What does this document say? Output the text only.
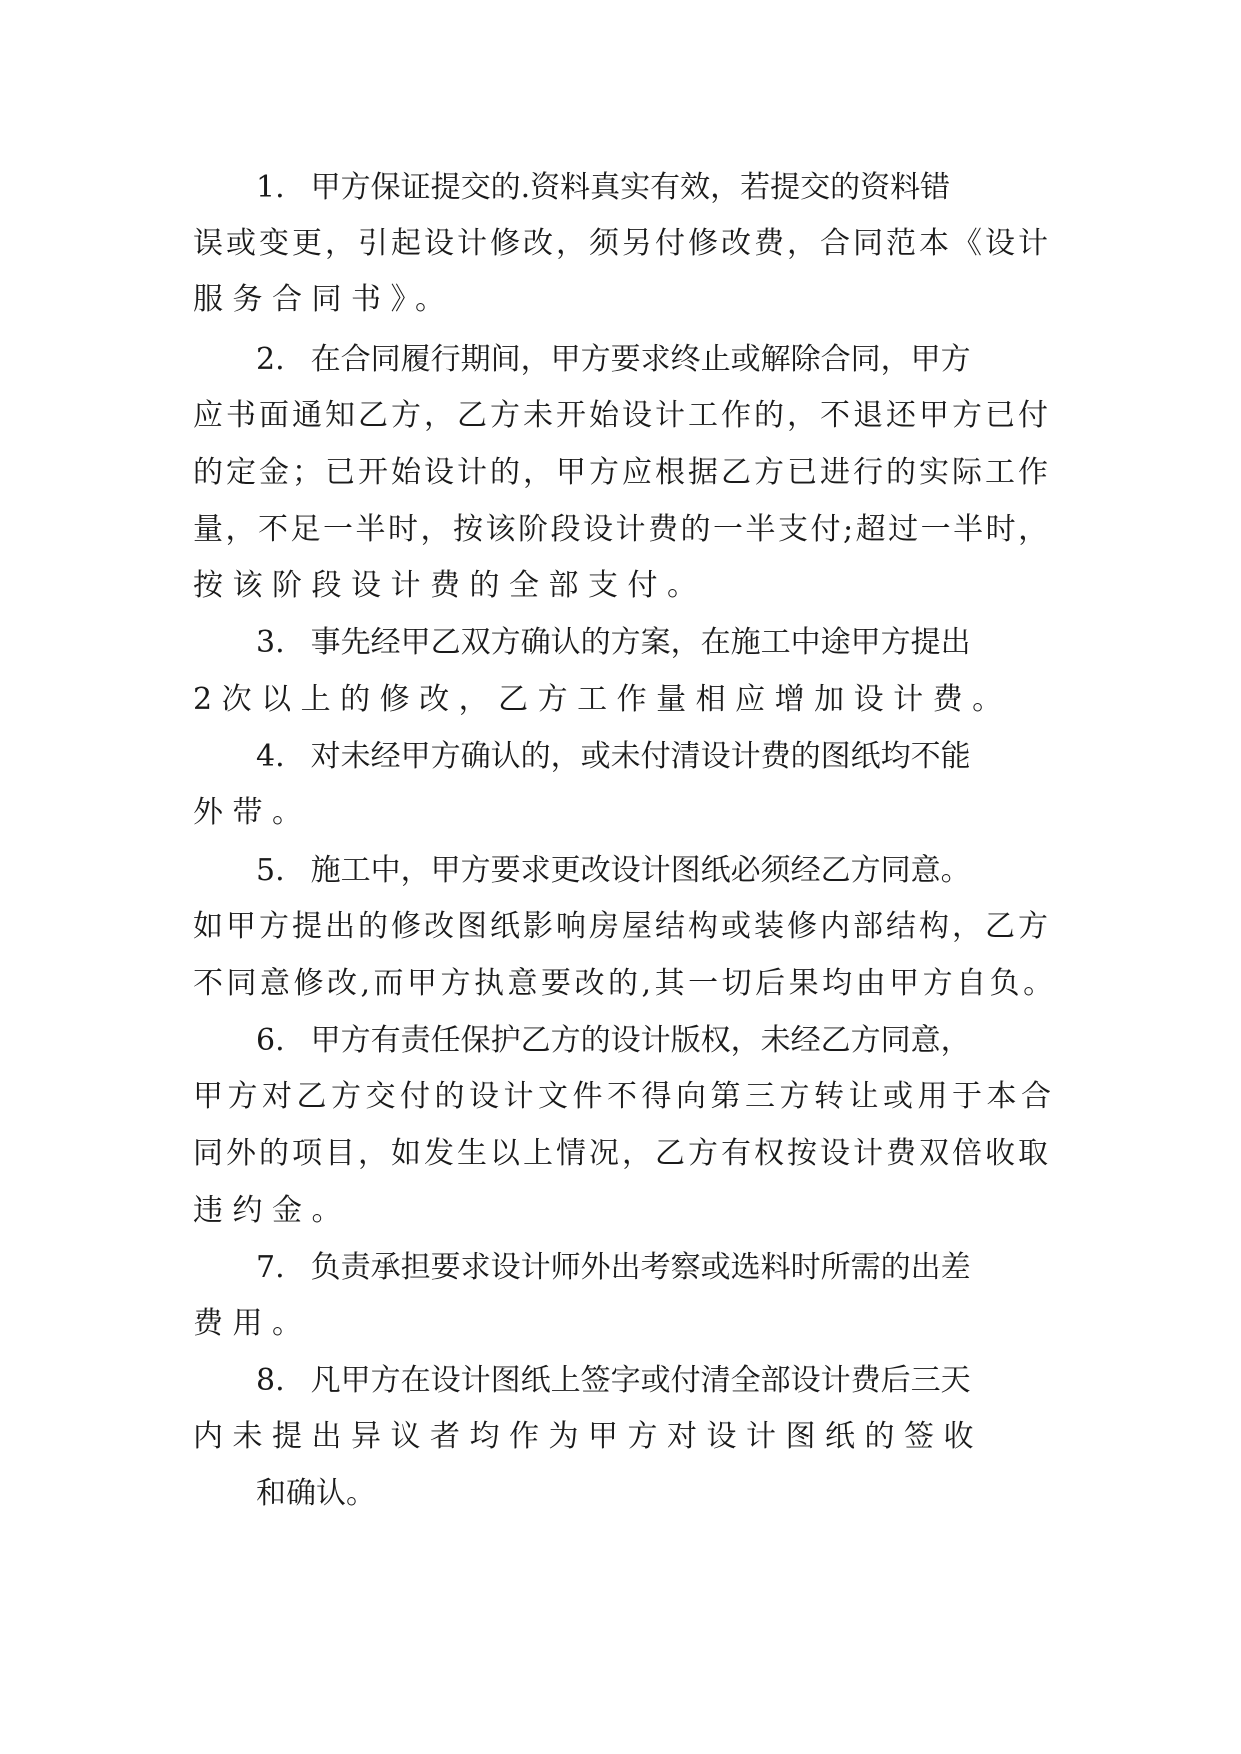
1. 甲方保证提交的.资料真实有效，若提交的资料错
误或变更，引起设计修改，须另付修改费，合同范本《设计
服务合同书》。
2. 在合同履行期间，甲方要求终止或解除合同，甲方
应书面通知乙方，乙方未开始设计工作的，不退还甲方已付
的定金；已开始设计的，甲方应根据乙方已进行的实际工作
量，不足一半时，按该阶段设计费的一半支付;超过一半时，
按该阶段设计费的全部支付。
3. 事先经甲乙双方确认的方案，在施工中途甲方提出
2次以上的修改，乙方工作量相应增加设计费。
4. 对未经甲方确认的，或未付清设计费的图纸均不能
外带。
5. 施工中，甲方要求更改设计图纸必须经乙方同意。
如甲方提出的修改图纸影响房屋结构或装修内部结构，乙方
不同意修改,而甲方执意要改的,其一切后果均由甲方自负。
6. 甲方有责任保护乙方的设计版权，未经乙方同意，
甲方对乙方交付的设计文件不得向第三方转让或用于本合
同外的项目，如发生以上情况，乙方有权按设计费双倍收取
违约金。
7. 负责承担要求设计师外出考察或选料时所需的出差
费用。
8. 凡甲方在设计图纸上签字或付清全部设计费后三天
内未提出异议者均作为甲方对设计图纸的签收
和确认。
